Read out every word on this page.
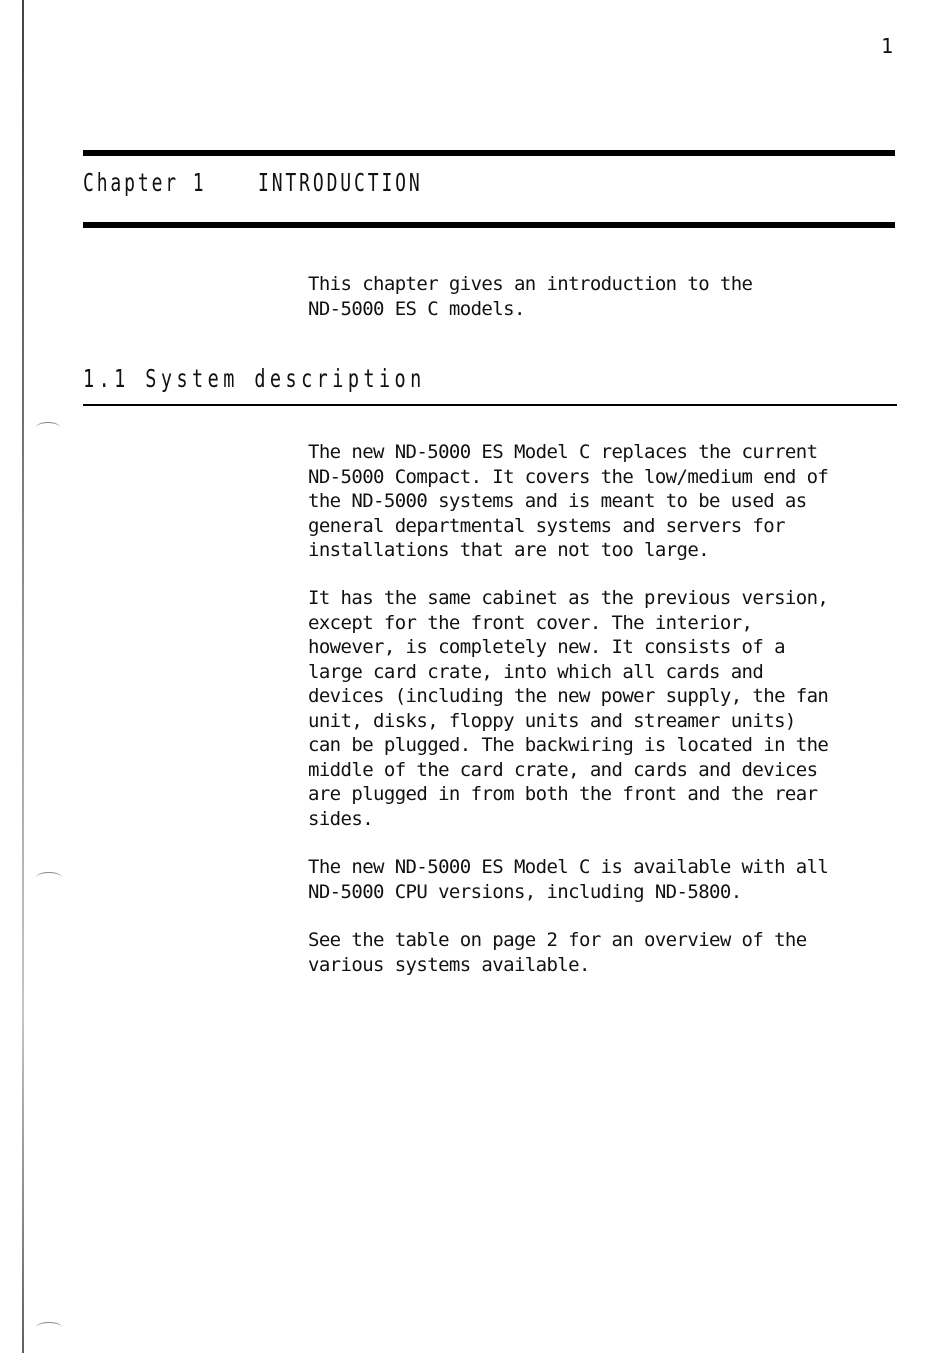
1
Chapter 1 INTRODUCTION
This chapter gives an introduction to the
ND-5000 ES C models.
1.1 System description
The new ND-5000 ES Model C replaces the current
ND-5000 Compact. It covers the low/medium end of
the ND-5000 systems and is meant to be used as
general departmental systems and servers for
installations that are not too large.
It has the same cabinet as the previous version,
except for the front cover. The interior,
however, is completely new. It consists of a
large card crate, into which all cards and
devices (including the new power supply, the fan
unit, disks, floppy units and streamer units)
can be plugged. The backwiring is located in the
middle of the card crate, and cards and devices
are plugged in from both the front and the rear
sides.
The new ND-5000 ES Model C is available with all
ND-5000 CPU versions, including ND-5800.
See the table on page 2 for an overview of the
various systems available.
